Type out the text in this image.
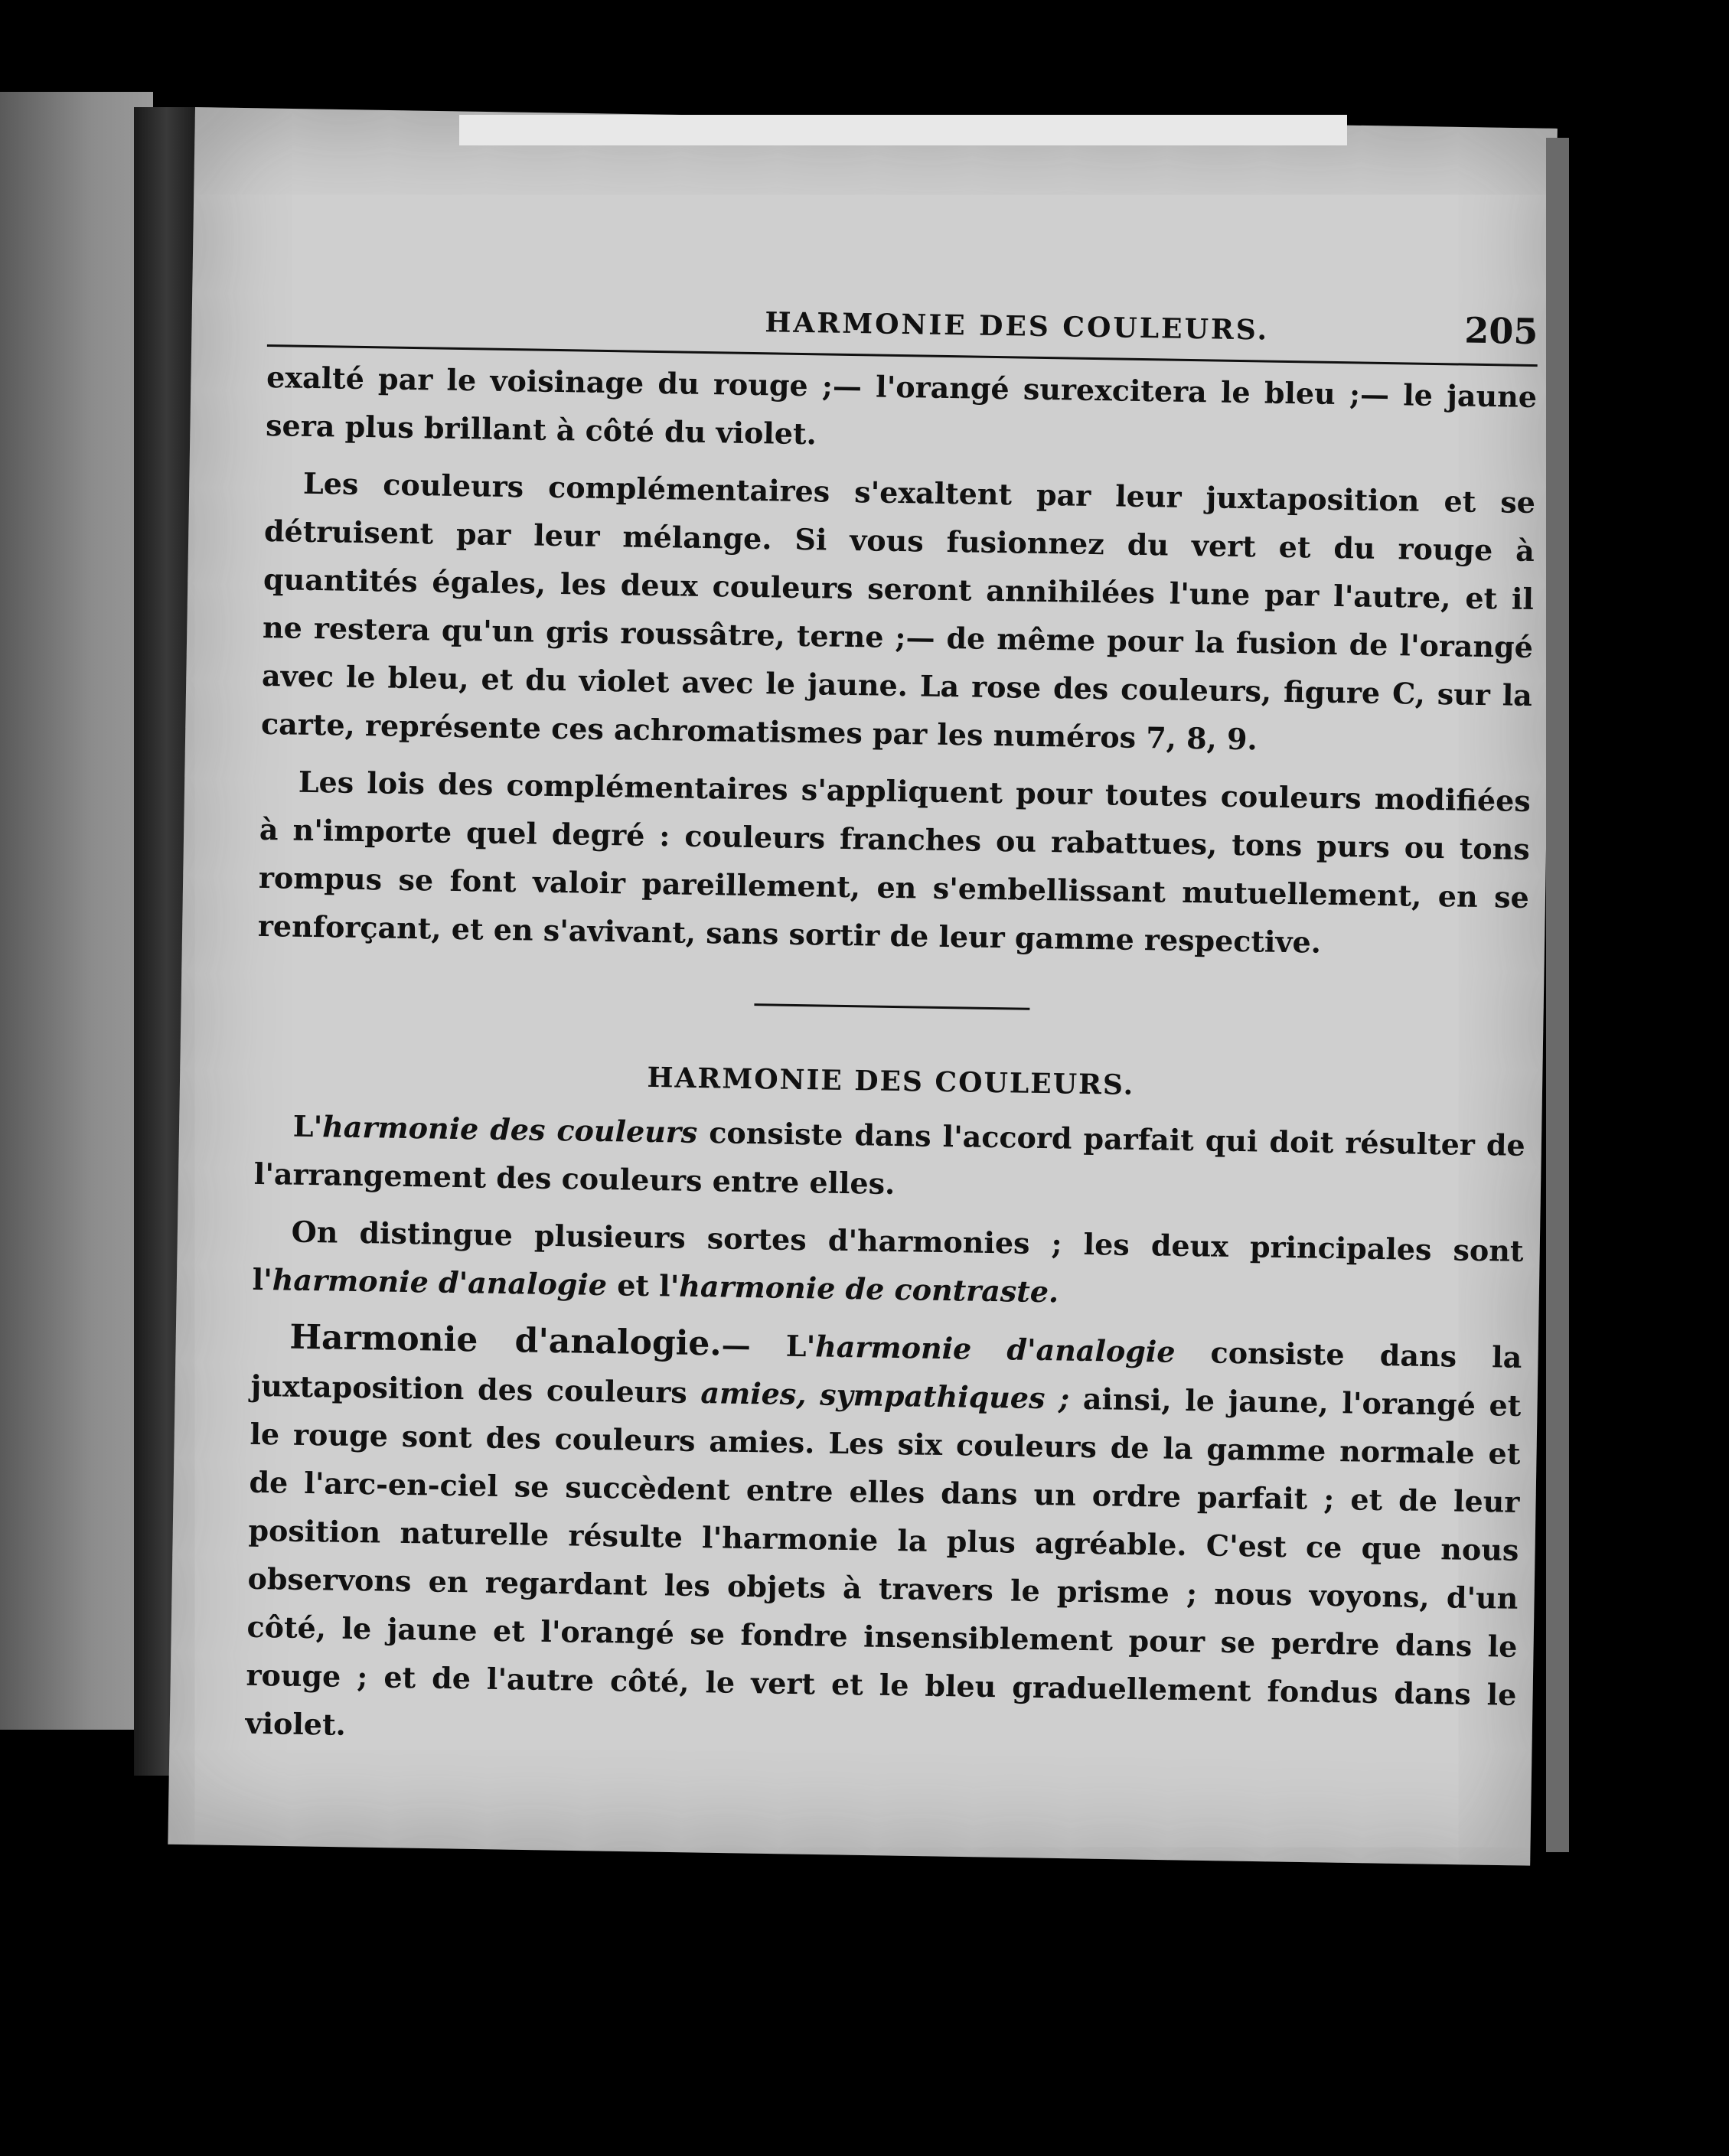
HARMONIE DES COULEURS.	205

exalté par le voisinage du rouge ;— l'orangé surexcitera le bleu ;— le jaune sera plus brillant à côté du violet.

Les couleurs complémentaires s'exaltent par leur juxtaposition et se détruisent par leur mélange. Si vous fusionnez du vert et du rouge à quantités égales, les deux couleurs seront annihilées l'une par l'autre, et il ne restera qu'un gris roussâtre, terne ;— de même pour la fusion de l'orangé avec le bleu, et du violet avec le jaune. La rose des couleurs, figure C, sur la carte, représente ces achromatismes par les numéros 7, 8, 9.

Les lois des complémentaires s'appliquent pour toutes couleurs modifiées à n'importe quel degré : couleurs franches ou rabattues, tons purs ou tons rompus se font valoir pareillement, en s'embellissant mutuellement, en se renforçant, et en s'avivant, sans sortir de leur gamme respective.

HARMONIE DES COULEURS.

L'harmonie des couleurs consiste dans l'accord parfait qui doit résulter de l'arrangement des couleurs entre elles.

On distingue plusieurs sortes d'harmonies ; les deux principales sont l'harmonie d'analogie et l'harmonie de contraste.

Harmonie d'analogie.— L'harmonie d'analogie consiste dans la juxtaposition des couleurs amies, sympathiques ; ainsi, le jaune, l'orangé et le rouge sont des couleurs amies. Les six couleurs de la gamme normale et de l'arc-en-ciel se succèdent entre elles dans un ordre parfait ; et de leur position naturelle résulte l'harmonie la plus agréable. C'est ce que nous observons en regardant les objets à travers le prisme ; nous voyons, d'un côté, le jaune et l'orangé se fondre insensiblement pour se perdre dans le rouge ; et de l'autre côté, le vert et le bleu graduellement fondus dans le violet.
